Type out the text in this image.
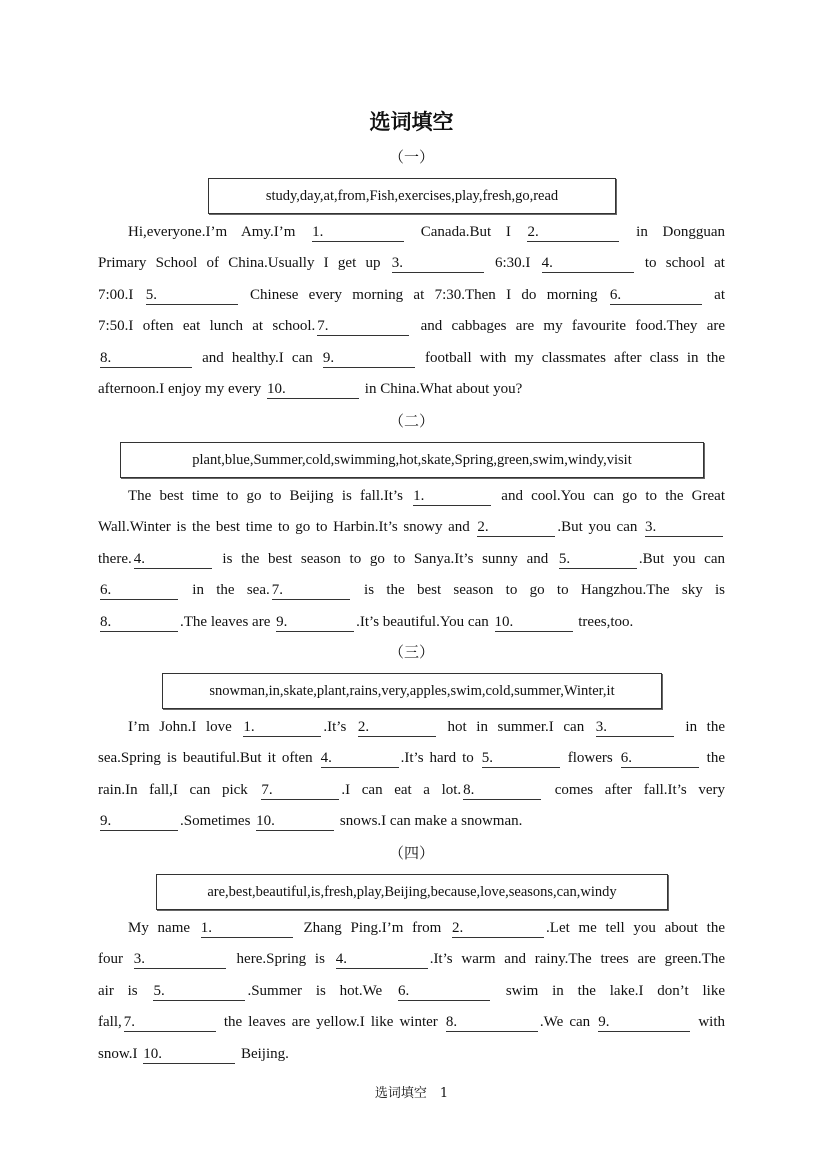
选词填空
（一）
study,day,at,from,Fish,exercises,play,fresh,go,read
Hi,everyone.I’m Amy.I’m 1.	Canada.But I 2.	in Dongguan
Primary School of China.Usually I get up 3.	6:30.I 4.	to school at
7:00.I 5.	Chinese every morning at 7:30.Then I do morning 6.	at
7:50.I often eat lunch at school. 7.	and cabbages are my favourite food.They are
8.	and healthy.I can 9.	football with my classmates after class in the
afternoon.I enjoy my every 10.	in China.What about you?
（二）
plant,blue,Summer,cold,swimming,hot,skate,Spring,green,swim,windy,visit
The best time to go to Beijing is fall.It’s 1.	and cool.You can go to the Great
Wall.Winter is the best time to go to Harbin.It’s snowy and 2.	.But you can 3.
there. 4.	is the best season to go to Sanya.It’s sunny and 5.	.But you can
6.	in the sea. 7.	is the best season to go to Hangzhou.The sky is
8.	.The leaves are 9.	.It’s beautiful.You can 10.	trees,too.
（三）
snowman,in,skate,plant,rains,very,apples,swim,cold,summer,Winter,it
I’m John.I love 1.	.It’s 2.	hot in summer.I can 3.	in the
sea.Spring is beautiful.But it often 4.	.It’s hard to 5.	flowers 6.	the
rain.In fall,I can pick 7.	.I can eat a lot. 8.	comes after fall.It’s very
9.	.Sometimes 10.	snows.I can make a snowman.
（四）
are,best,beautiful,is,fresh,play,Beijing,because,love,seasons,can,windy
My name 1.	Zhang Ping.I’m from 2.	.Let me tell you about the
four 3.	here.Spring is 4.	.It’s warm and rainy.The trees are green.The
air is 5.	.Summer is hot.We 6.	swim in the lake.I don’t like
fall, 7.	the leaves are yellow.I like winter 8.	.We can 9.	with
snow.I 10.	Beijing.
选词填空　1
